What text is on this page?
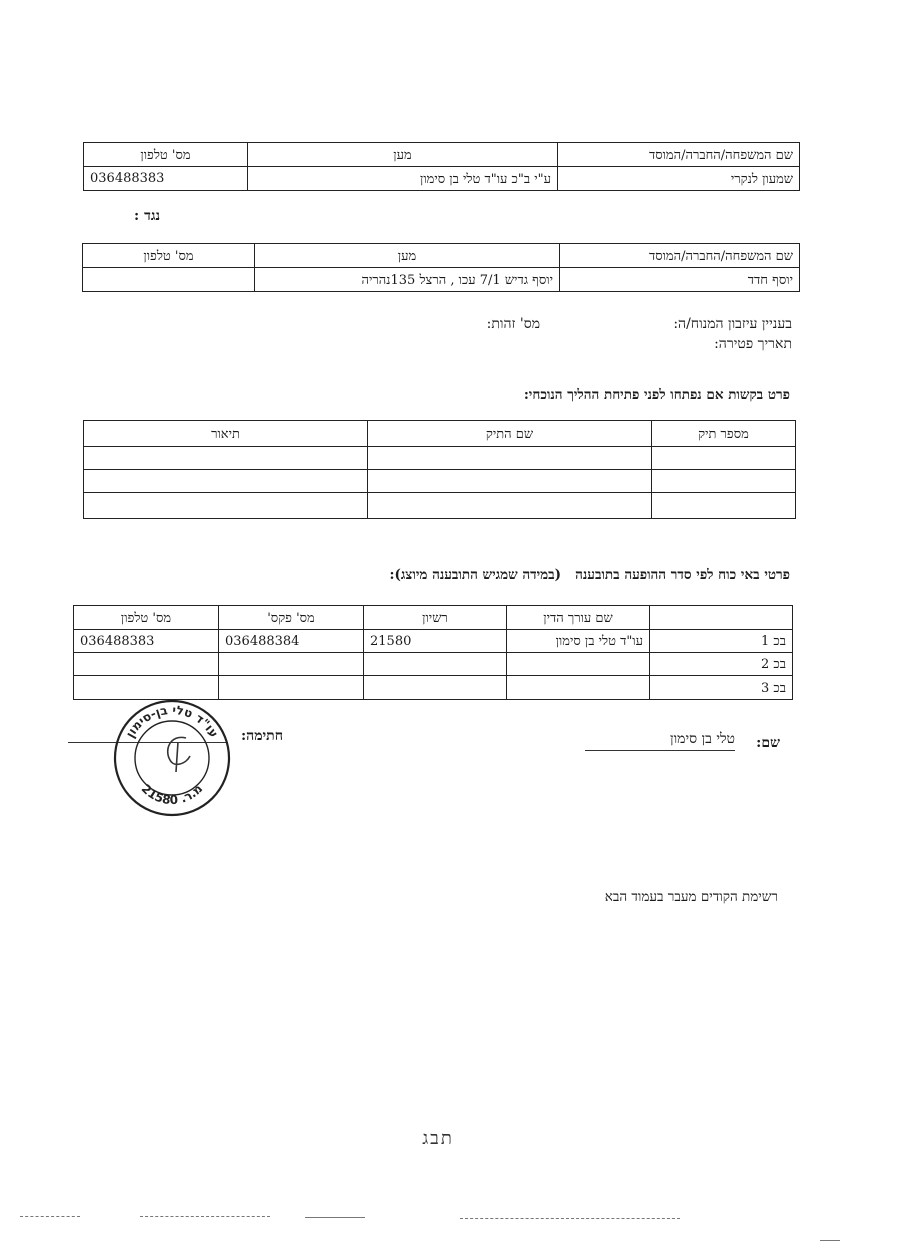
שם המשפחה/החברה/המוסד	מען	מס' טלפון
שמעון לנקרי	ע"י ב"כ עו"ד טלי בן סימון	036488383
נגד :
שם המשפחה/החברה/המוסד	מען	מס' טלפון
יוסף חדד	יוסף גדיש 7/1 עכו , הרצל 135נהריה	
בעניין עיזבון המנוח/ה:
מס' זהות:
תאריך פטירה:
פרט בקשות אם נפתחו לפני פתיחת ההליך הנוכחי:
מספר תיק	שם התיק	תיאור

פרטי באי כוח לפי סדר ההופעה בתובענה   (במידה שמגיש התובענה מיוצג):
	שם עורך הדין	רשיון	מס' פקס'	מס' טלפון
בכ 1	עו"ד טלי בן סימון	21580	036488384	036488383
בכ 2				
בכ 3				
שם:
טלי בן סימון
חתימה:
עו"ד טלי בן-סימון
מ.ר. 21580
רשימת הקודים מעבר בעמוד הבא
תבג
